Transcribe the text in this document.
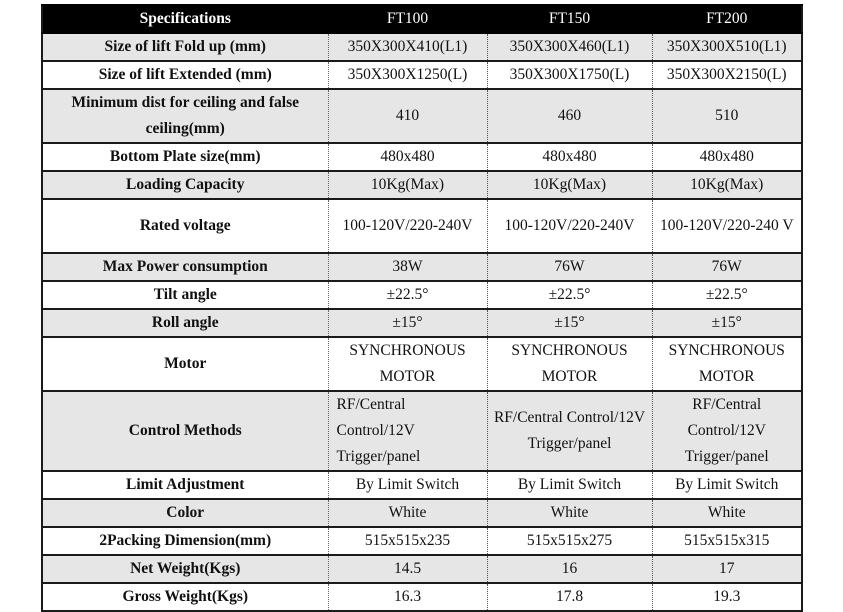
Specifications	FT100	FT150	FT200
Size of lift Fold up (mm)	350X300X410(L1)	350X300X460(L1)	350X300X510(L1)
Size of lift Extended (mm)	350X300X1250(L)	350X300X1750(L)	350X300X2150(L)
Minimum dist for ceiling and false ceiling(mm)	410	460	510
Bottom Plate size(mm)	480x480	480x480	480x480
Loading Capacity	10Kg(Max)	10Kg(Max)	10Kg(Max)
Rated voltage	100-120V/220-240V	100-120V/220-240V	100-120V/220-240 V
Max Power consumption	38W	76W	76W
Tilt angle	±22.5°	±22.5°	±22.5°
Roll angle	±15°	±15°	±15°
Motor	SYNCHRONOUS MOTOR	SYNCHRONOUS MOTOR	SYNCHRONOUS MOTOR
Control Methods	RF/Central Control/12V Trigger/panel	RF/Central Control/12V Trigger/panel	RF/Central Control/12V Trigger/panel
Limit Adjustment	By Limit Switch	By Limit Switch	By Limit Switch
Color	White	White	White
2Packing Dimension(mm)	515x515x235	515x515x275	515x515x315
Net Weight(Kgs)	14.5	16	17
Gross Weight(Kgs)	16.3	17.8	19.3
